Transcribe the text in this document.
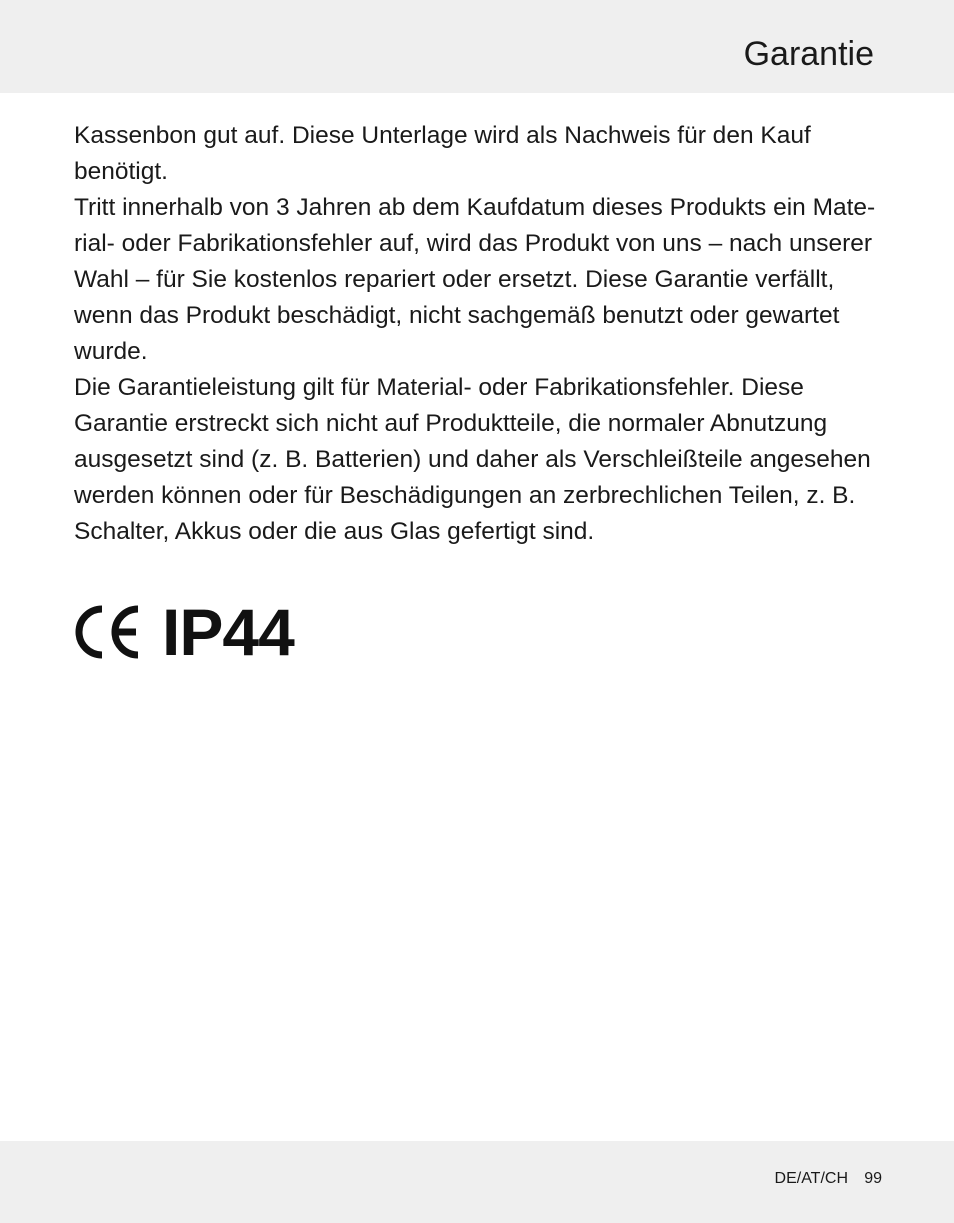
Garantie

Kassenbon gut auf. Diese Unterlage wird als Nachweis für den Kauf
benötigt.

Tritt innerhalb von 3 Jahren ab dem Kaufdatum dieses Produkts ein Mate-
rial- oder Fabrikationsfehler auf, wird das Produkt von uns – nach unserer
Wahl – für Sie kostenlos repariert oder ersetzt. Diese Garantie verfällt,
wenn das Produkt beschädigt, nicht sachgemäß benutzt oder gewartet
wurde.

Die Garantieleistung gilt für Material- oder Fabrikationsfehler. Diese
Garantie erstreckt sich nicht auf Produktteile, die normaler Abnutzung
ausgesetzt sind (z. B. Batterien) und daher als Verschleißteile angesehen
werden können oder für Beschädigungen an zerbrechlichen Teilen, z. B.
Schalter, Akkus oder die aus Glas gefertigt sind.

IP44
DE/AT/CH 99
